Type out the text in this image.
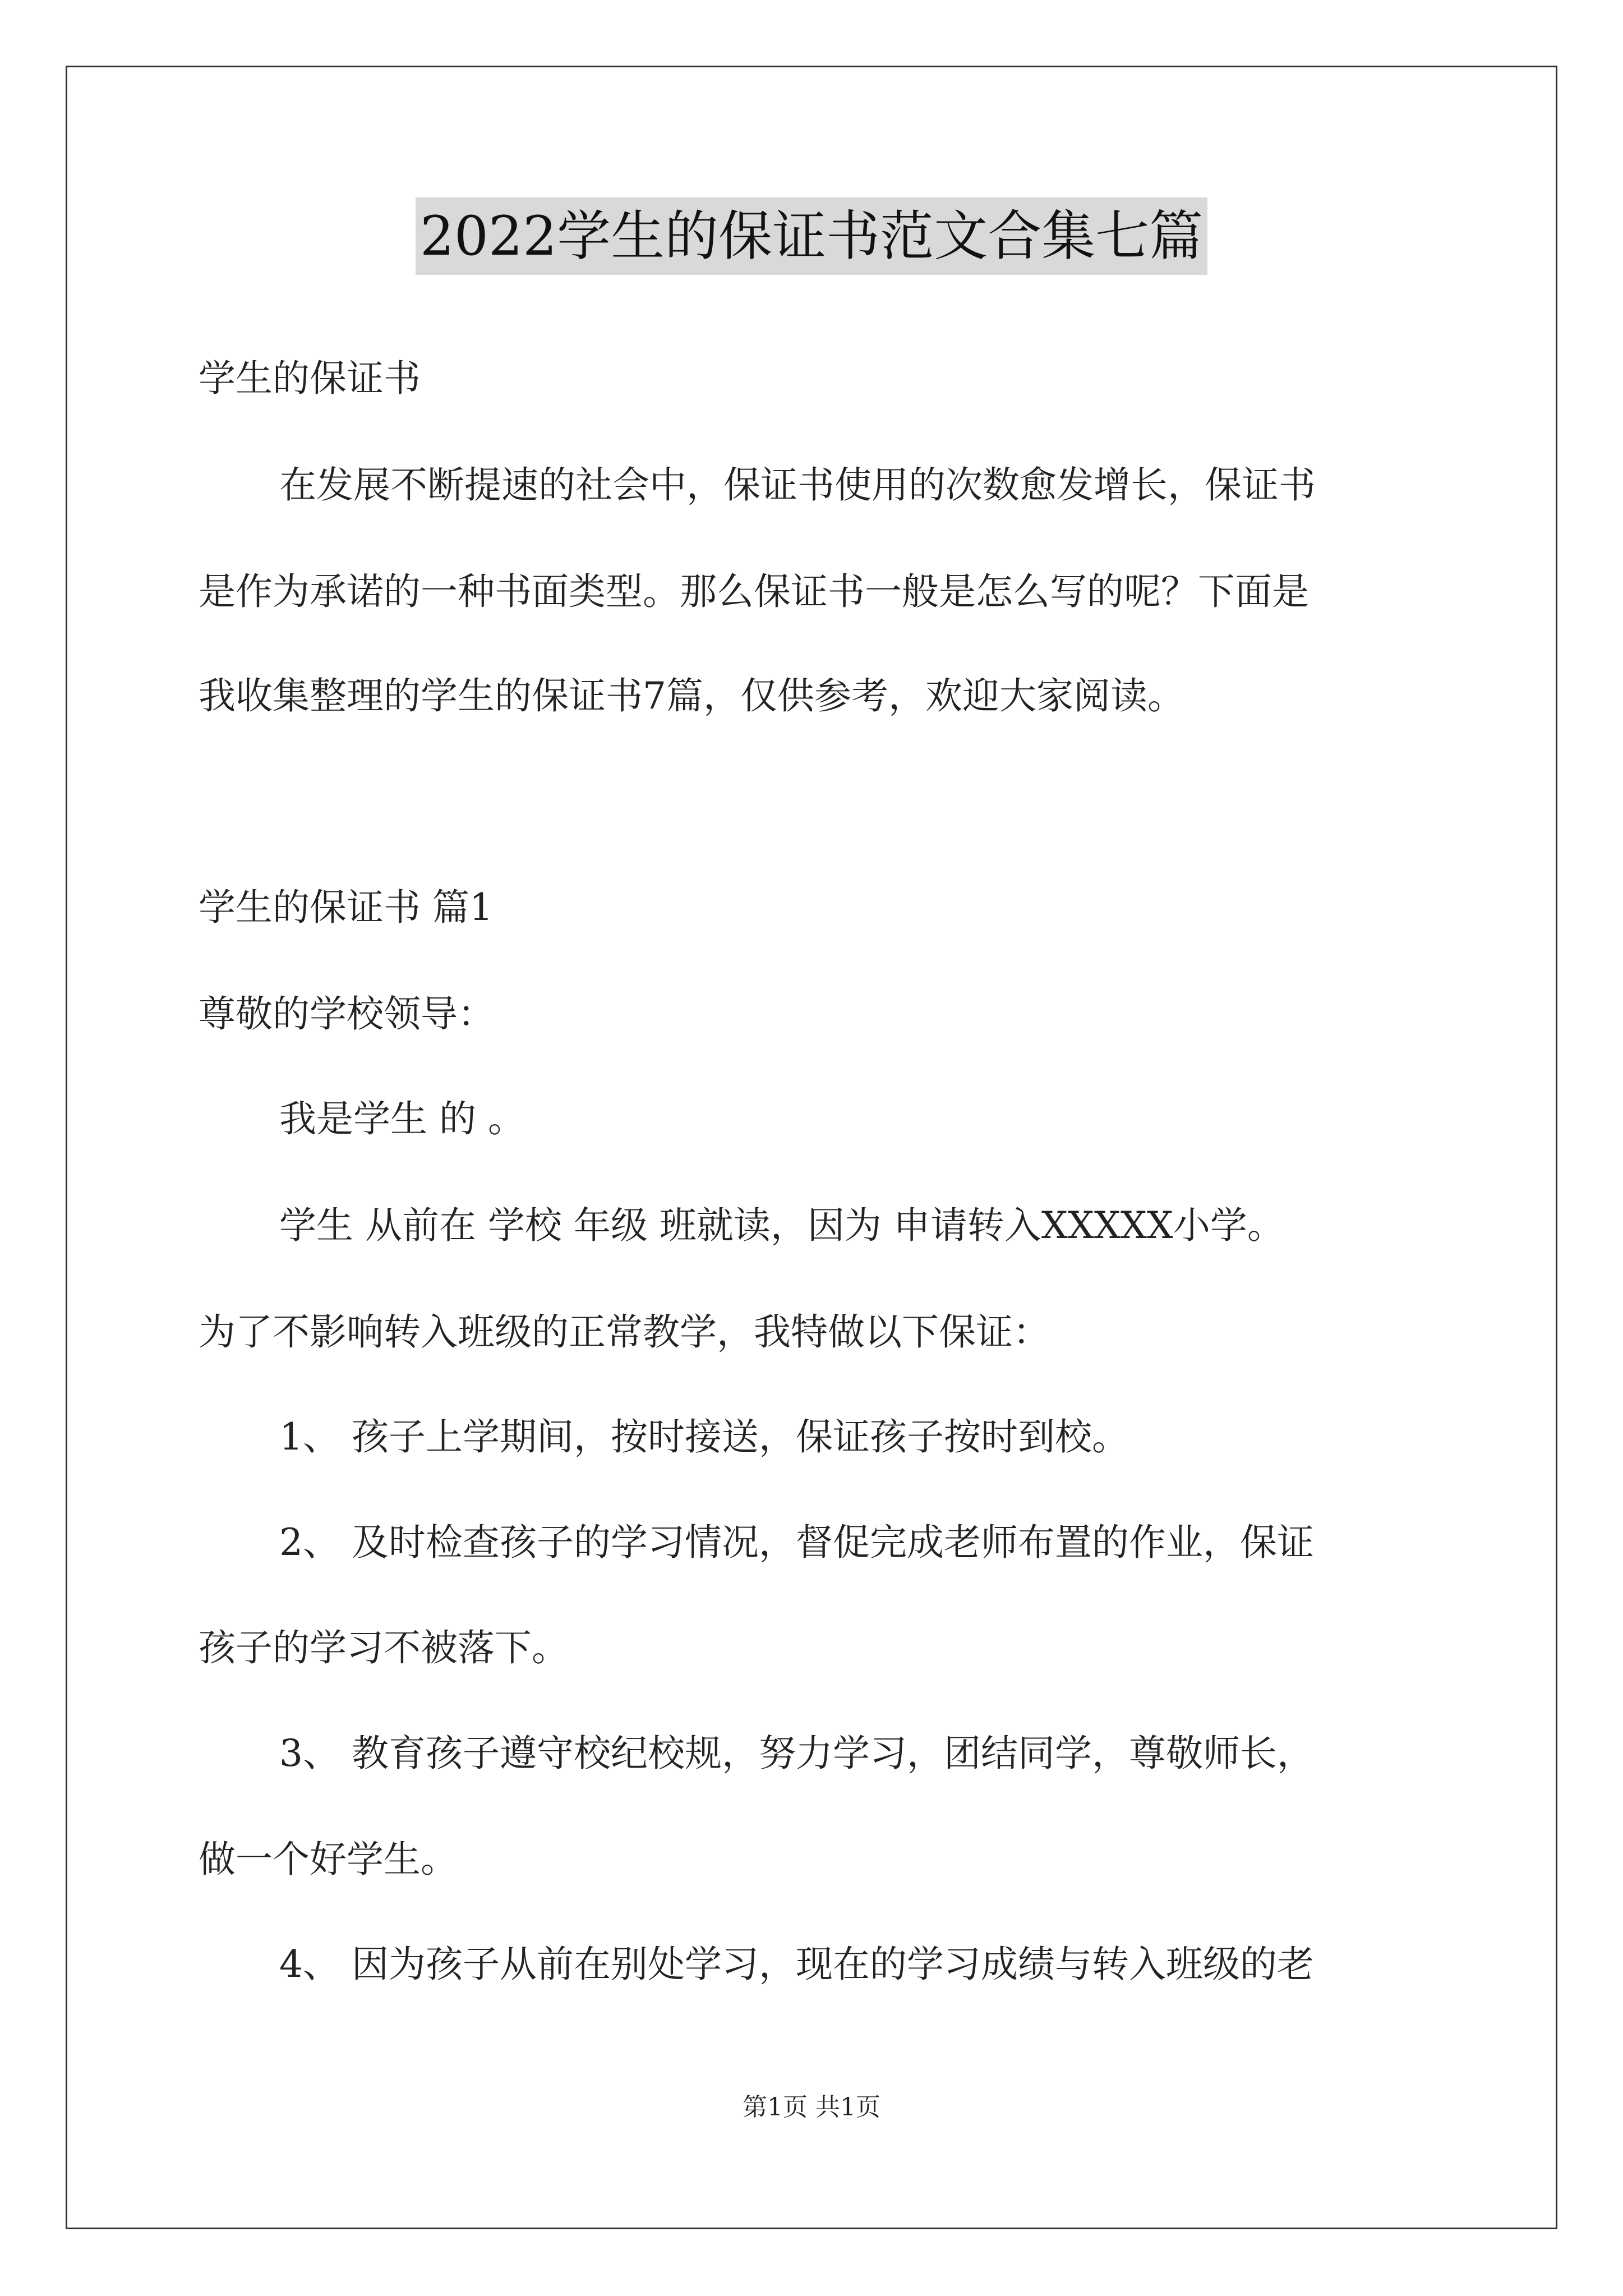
2022学生的保证书范文合集七篇
学生的保证书
在发展不断提速的社会中，保证书使用的次数愈发增长，保证书
是作为承诺的一种书面类型。那么保证书一般是怎么写的呢？下面是
我收集整理的学生的保证书7篇，仅供参考，欢迎大家阅读。
学生的保证书 篇1
尊敬的学校领导：
我是学生 的 。
学生 从前在 学校 年级 班就读，因为 申请转入XXXXX小学。
为了不影响转入班级的正常教学，我特做以下保证：
1、 孩子上学期间，按时接送，保证孩子按时到校。
2、 及时检查孩子的学习情况，督促完成老师布置的作业，保证
孩子的学习不被落下。
3、 教育孩子遵守校纪校规，努力学习，团结同学，尊敬师长，
做一个好学生。
4、 因为孩子从前在别处学习，现在的学习成绩与转入班级的老
第1页 共1页
